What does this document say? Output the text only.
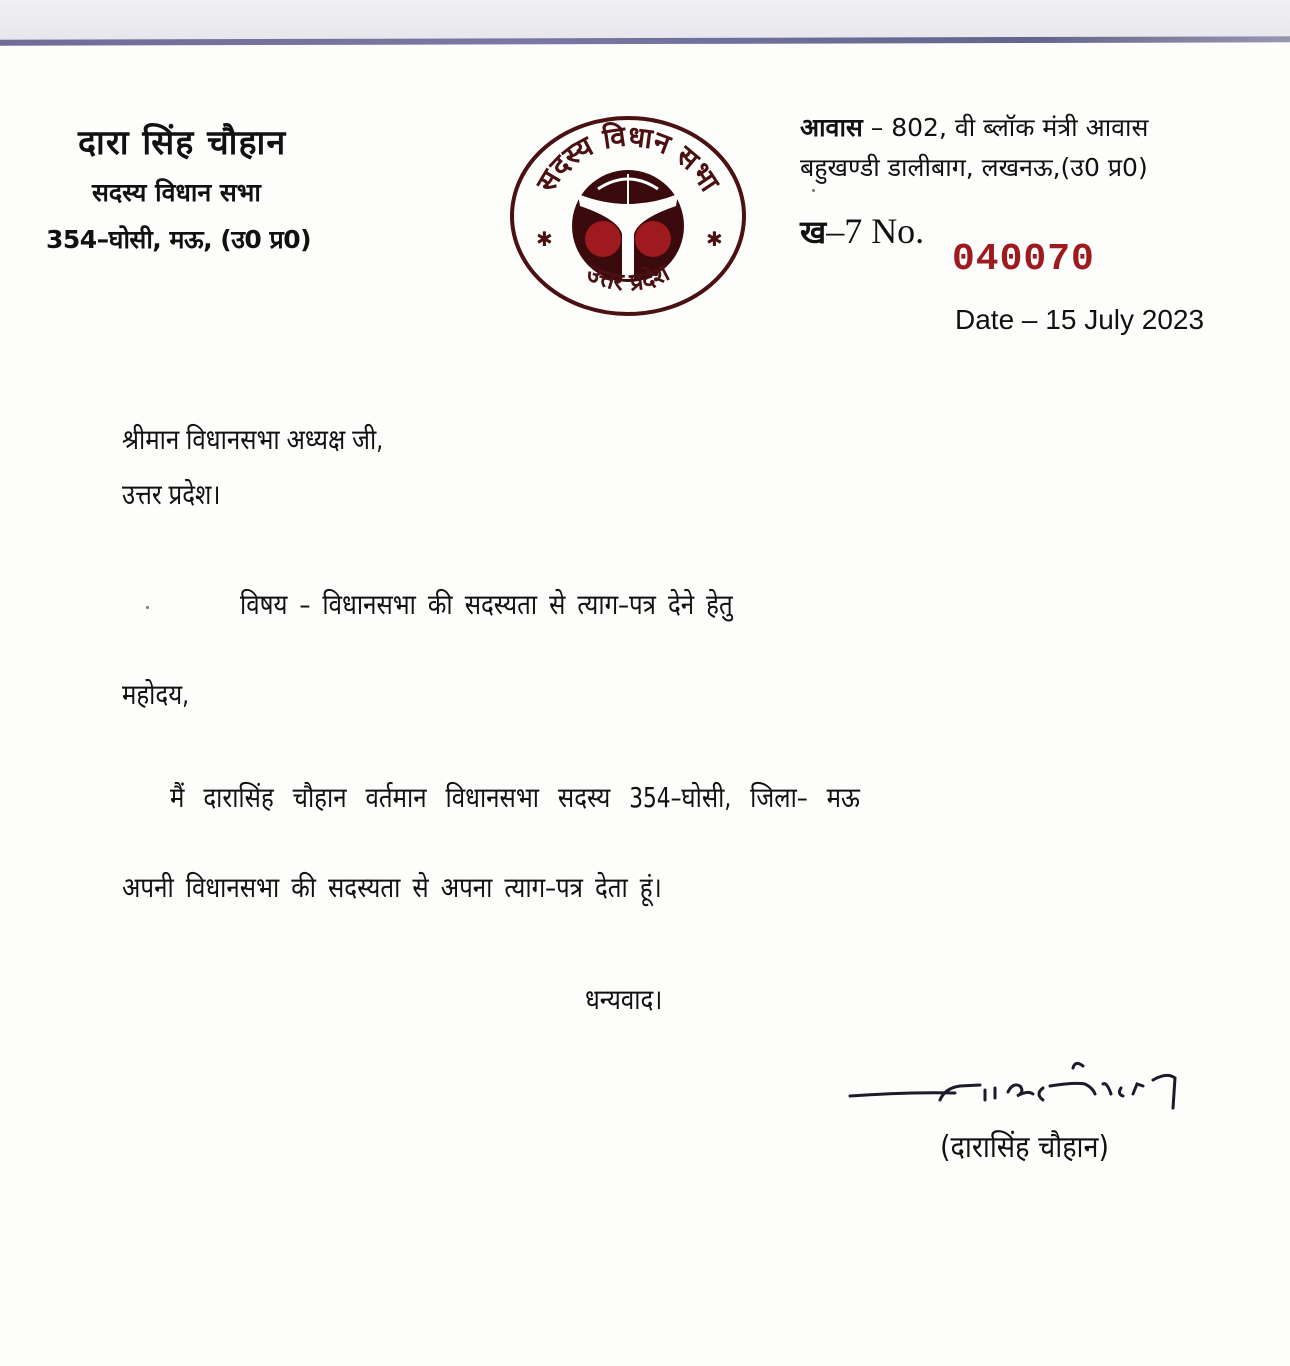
दारा सिंह चौहान
सदस्य विधान सभा
354–घोसी, मऊ, (उ0 प्र0)
सदस्य विधान सभा
✱	✱
उत्तर प्रदेश
आवास – 802, वी ब्लॉक मंत्री आवास
बहुखण्डी डालीबाग, लखनऊ,(उ0 प्र0)
ख–7 No.
040070
Date – 15 July 2023
श्रीमान विधानसभा अध्यक्ष जी,
उत्तर प्रदेश।
विषय – विधानसभा की सदस्यता से त्याग–पत्र देने हेतु
महोदय,
मैं दारासिंह चौहान वर्तमान विधानसभा सदस्य 354–घोसी, जिला– मऊ
अपनी विधानसभा की सदस्यता से अपना त्याग–पत्र देता हूं।
धन्यवाद।
(दारासिंह चौहान)
